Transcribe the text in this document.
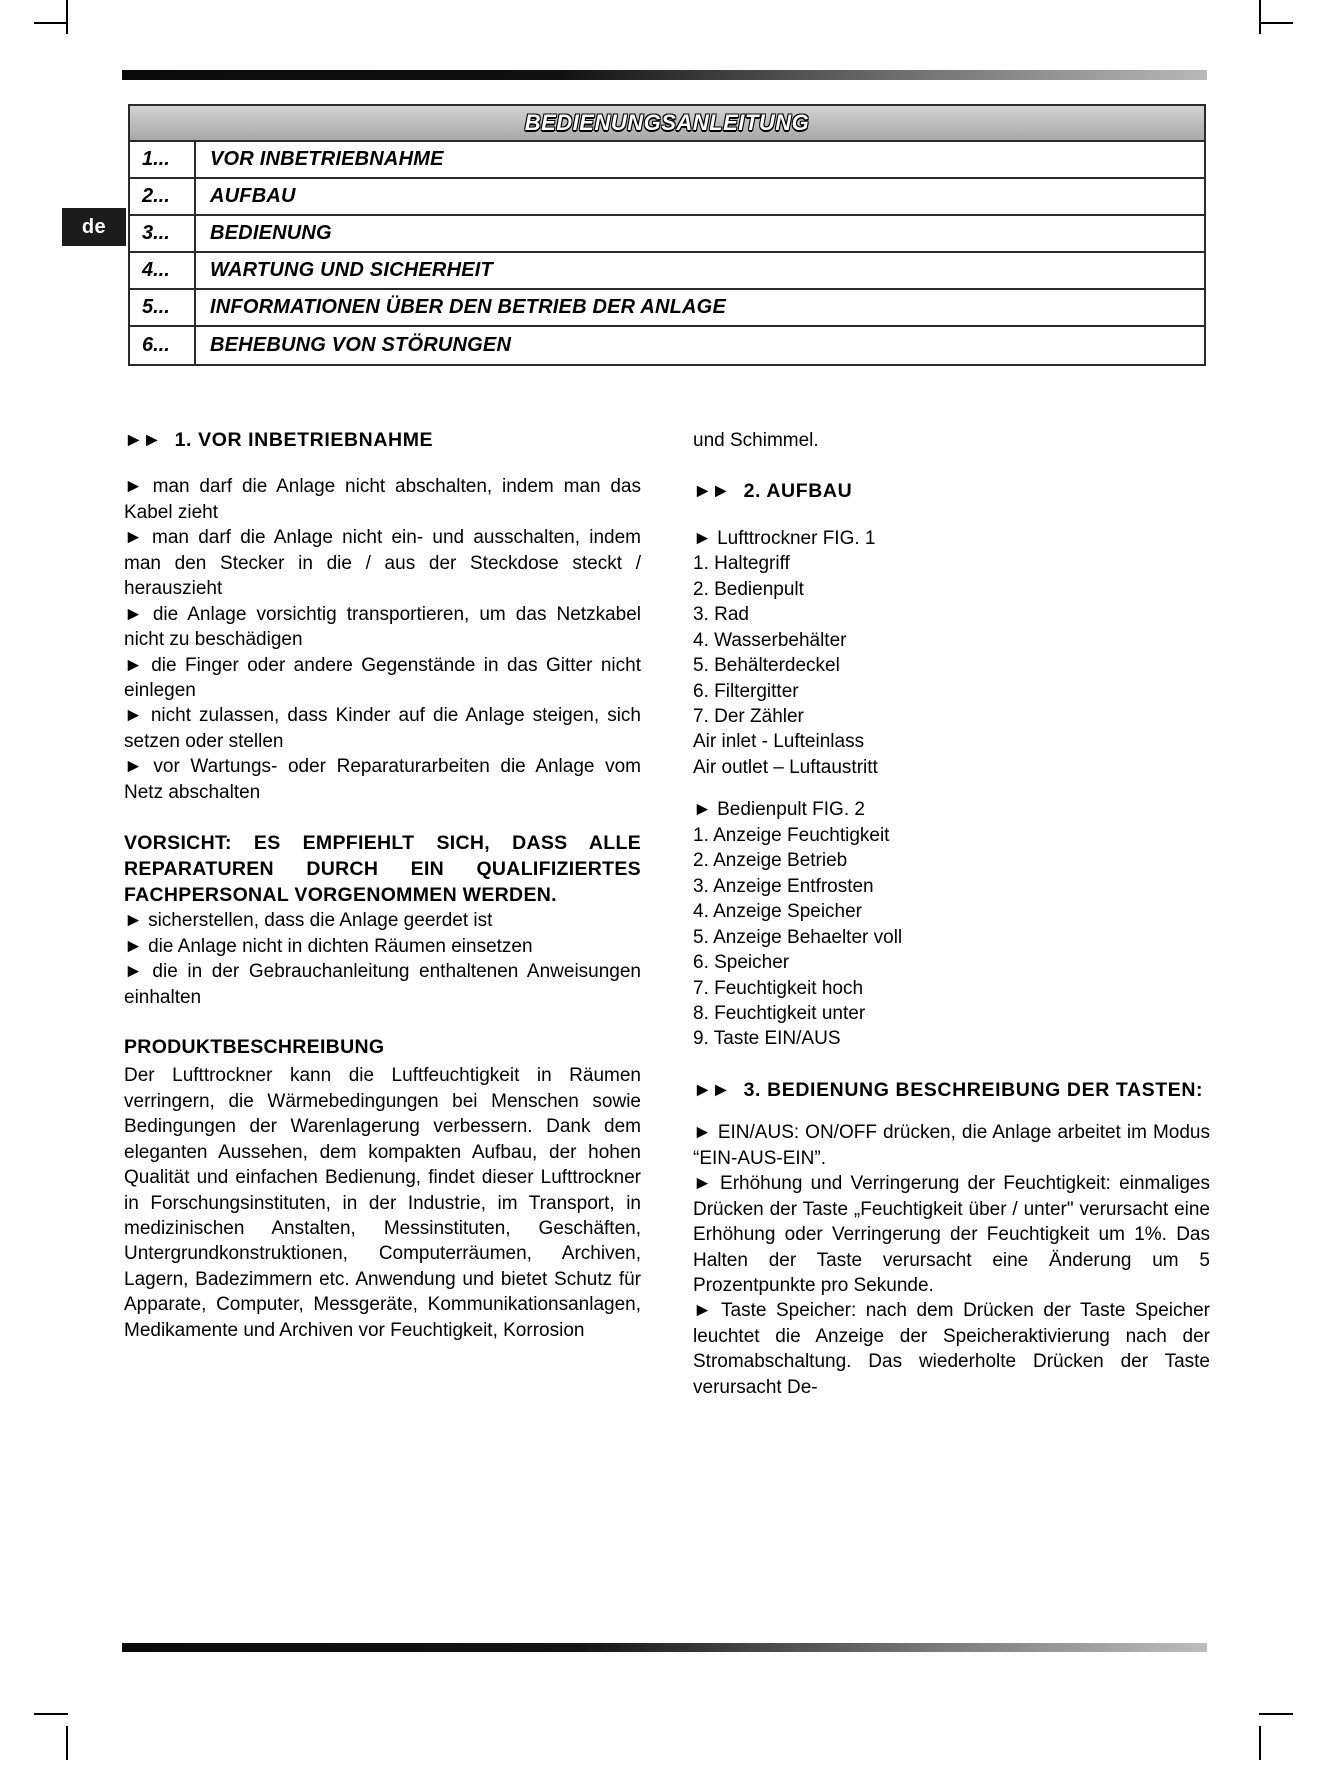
de
BEDIENUNGSANLEITUNG
1...	VOR INBETRIEBNAHME
2...	AUFBAU
3...	BEDIENUNG
4...	WARTUNG UND SICHERHEIT
5...	INFORMATIONEN ÜBER DEN BETRIEB DER ANLAGE
6...	BEHEBUNG VON STÖRUNGEN
►► 1. VOR INBETRIEBNAHME

► man darf die Anlage nicht abschalten, indem man das Kabel zieht

► man darf die Anlage nicht ein- und ausschalten, indem man den Stecker in die / aus der Steckdose steckt / herauszieht

► die Anlage vorsichtig transportieren, um das Netzkabel nicht zu beschädigen

► die Finger oder andere Gegenstände in das Gitter nicht einlegen

► nicht zulassen, dass Kinder auf die Anlage steigen, sich setzen oder stellen

► vor Wartungs- oder Reparaturarbeiten die Anlage vom Netz abschalten

VORSICHT: ES EMPFIEHLT SICH, DASS ALLE REPARATUREN DURCH EIN QUALIFIZIERTES FACHPERSONAL VORGENOMMEN WERDEN.

► sicherstellen, dass die Anlage geerdet ist

► die Anlage nicht in dichten Räumen einsetzen

► die in der Gebrauchanleitung enthaltenen Anweisungen einhalten

PRODUKTBESCHREIBUNG

Der Lufttrockner kann die Luftfeuchtigkeit in Räumen verringern, die Wärmebedingungen bei Menschen sowie Bedingungen der Warenlagerung verbessern. Dank dem eleganten Aussehen, dem kompakten Aufbau, der hohen Qualität und einfachen Bedienung, findet dieser Lufttrockner in Forschungsinstituten, in der Industrie, im Transport, in medizinischen Anstalten, Messinstituten, Geschäften, Untergrundkonstruktionen, Computerräumen, Archiven, Lagern, Badezimmern etc. Anwendung und bietet Schutz für Apparate, Computer, Messgeräte, Kommunikationsanlagen, Medikamente und Archiven vor Feuchtigkeit, Korrosion

und Schimmel.

►► 2. AUFBAU

► Lufttrockner FIG. 1

1. Haltegriff

2. Bedienpult

3. Rad

4. Wasserbehälter

5. Behälterdeckel

6. Filtergitter

7. Der Zähler

Air inlet - Lufteinlass

Air outlet – Luftaustritt

► Bedienpult FIG. 2

1. Anzeige Feuchtigkeit

2. Anzeige Betrieb

3. Anzeige Entfrosten

4. Anzeige Speicher

5. Anzeige Behaelter voll

6. Speicher

7. Feuchtigkeit hoch

8. Feuchtigkeit unter

9. Taste EIN/AUS

►► 3. BEDIENUNG BESCHREIBUNG DER TASTEN:

► EIN/AUS: ON/OFF drücken, die Anlage arbeitet im Modus “EIN-AUS-EIN”.

► Erhöhung und Verringerung der Feuchtigkeit: einmaliges Drücken der Taste „Feuchtigkeit über / unter" verursacht eine Erhöhung oder Verringerung der Feuchtigkeit um 1%. Das Halten der Taste verursacht eine Änderung um 5 Prozentpunkte pro Sekunde.

► Taste Speicher: nach dem Drücken der Taste Speicher leuchtet die Anzeige der Speicheraktivierung nach der Stromabschaltung. Das wiederholte Drücken der Taste verursacht De-
